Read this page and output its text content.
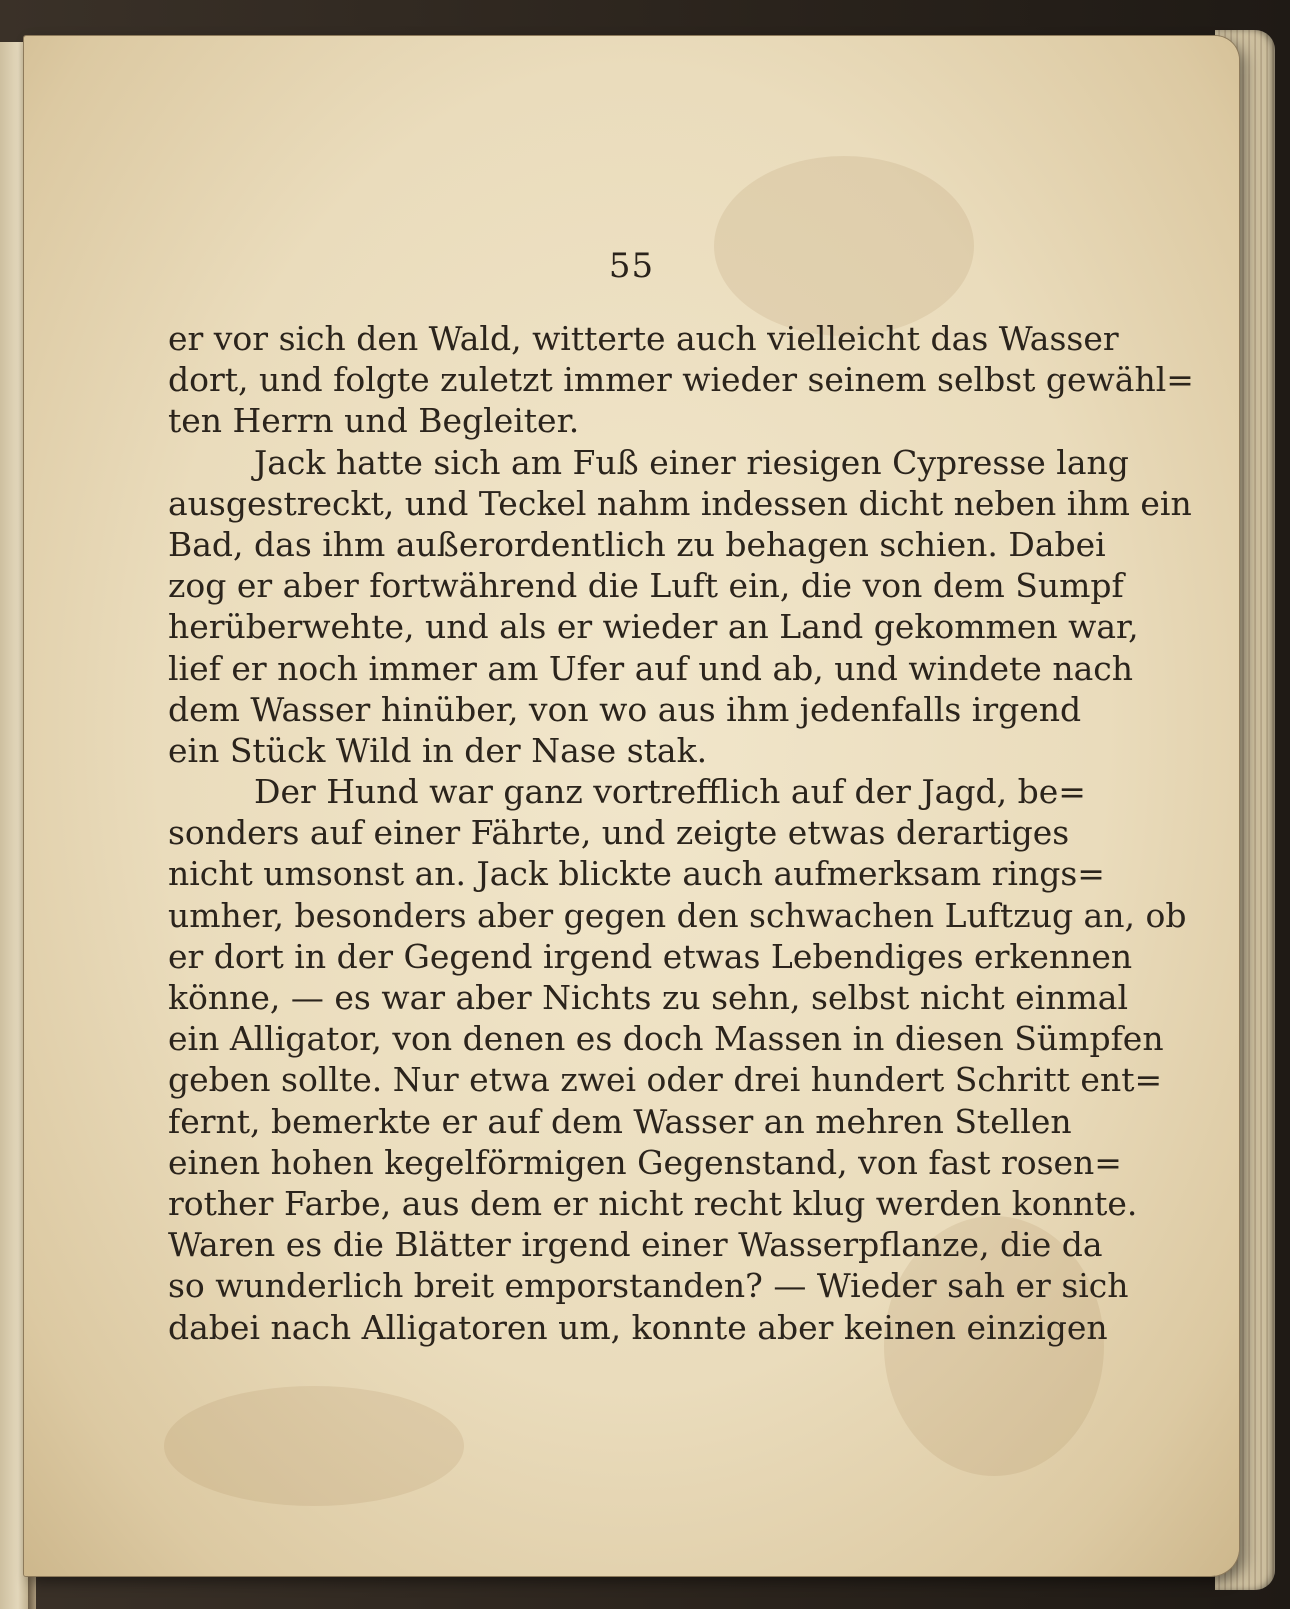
55
er vor sich den Wald, witterte auch vielleicht das Wasser
dort, und folgte zuletzt immer wieder seinem selbst gewähl=
ten Herrn und Begleiter.
Jack hatte sich am Fuß einer riesigen Cypresse lang
ausgestreckt, und Teckel nahm indessen dicht neben ihm ein
Bad, das ihm außerordentlich zu behagen schien. Dabei
zog er aber fortwährend die Luft ein, die von dem Sumpf
herüberwehte, und als er wieder an Land gekommen war,
lief er noch immer am Ufer auf und ab, und windete nach
dem Wasser hinüber, von wo aus ihm jedenfalls irgend
ein Stück Wild in der Nase stak.
Der Hund war ganz vortrefflich auf der Jagd, be=
sonders auf einer Fährte, und zeigte etwas derartiges
nicht umsonst an. Jack blickte auch aufmerksam rings=
umher, besonders aber gegen den schwachen Luftzug an, ob
er dort in der Gegend irgend etwas Lebendiges erkennen
könne, — es war aber Nichts zu sehn, selbst nicht einmal
ein Alligator, von denen es doch Massen in diesen Sümpfen
geben sollte. Nur etwa zwei oder drei hundert Schritt ent=
fernt, bemerkte er auf dem Wasser an mehren Stellen
einen hohen kegelförmigen Gegenstand, von fast rosen=
rother Farbe, aus dem er nicht recht klug werden konnte.
Waren es die Blätter irgend einer Wasserpflanze, die da
so wunderlich breit emporstanden? — Wieder sah er sich
dabei nach Alligatoren um, konnte aber keinen einzigen
